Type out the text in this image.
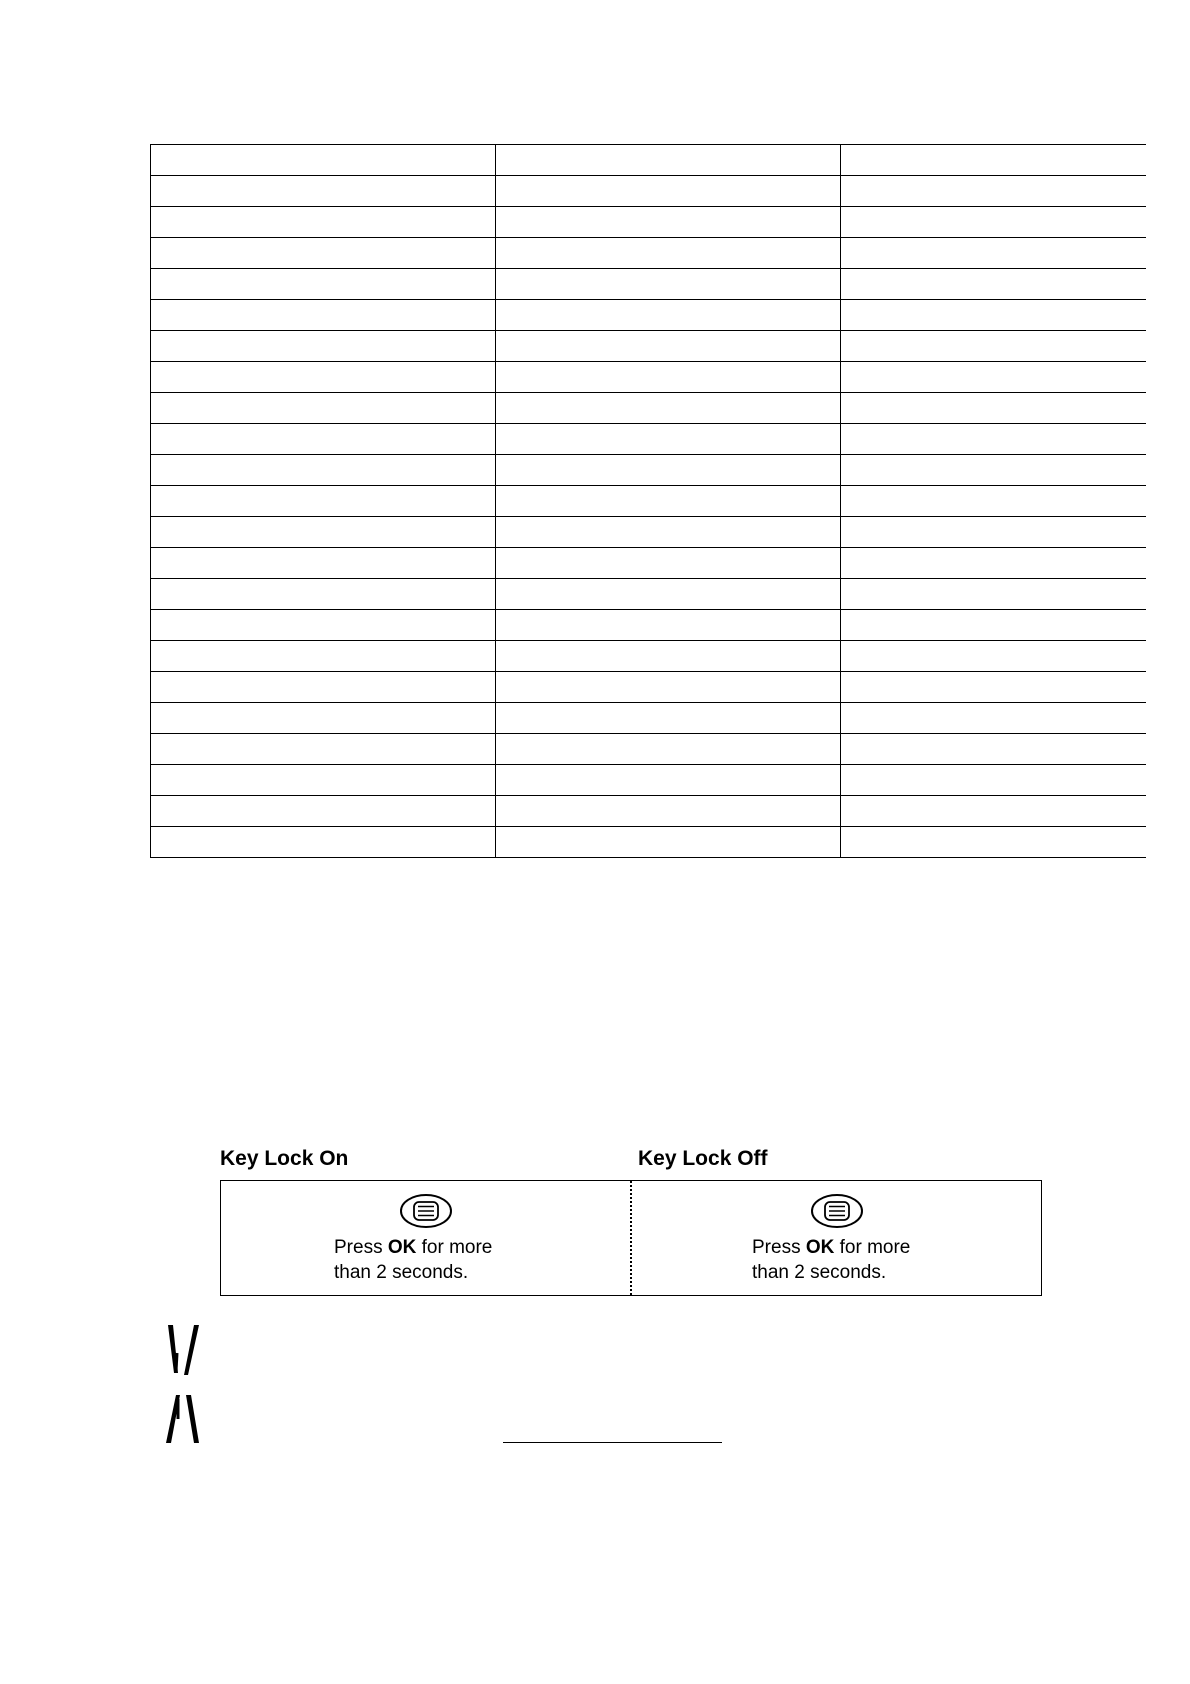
Key Lock On	Key Lock Off

Press OK for more
than 2 seconds.

Press OK for more
than 2 seconds.
